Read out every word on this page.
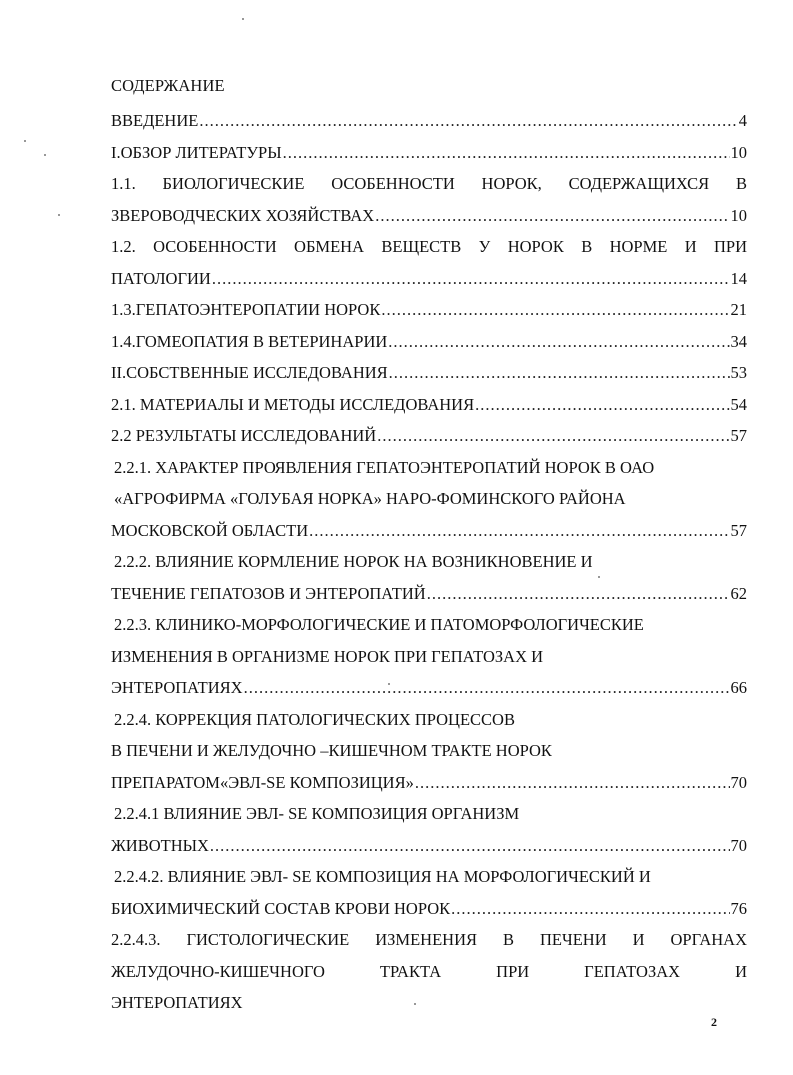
СОДЕРЖАНИЕ
ВВЕДЕНИЕ .....	4
I.ОБЗОР ЛИТЕРАТУРЫ .....	10
1.1. БИОЛОГИЧЕСКИЕ ОСОБЕННОСТИ НОРОК, СОДЕРЖАЩИХСЯ В
ЗВЕРОВОДЧЕСКИХ ХОЗЯЙСТВАХ .....	10
1.2. ОСОБЕННОСТИ ОБМЕНА ВЕЩЕСТВ У НОРОК В НОРМЕ И ПРИ
ПАТОЛОГИИ .....	14
1.3.ГЕПАТОЭНТЕРОПАТИИ НОРОК .....	21
1.4.ГОМЕОПАТИЯ В ВЕТЕРИНАРИИ .....	34
II.СОБСТВЕННЫЕ ИССЛЕДОВАНИЯ .....	53
2.1. МАТЕРИАЛЫ И МЕТОДЫ ИССЛЕДОВАНИЯ .....	54
2.2 РЕЗУЛЬТАТЫ ИССЛЕДОВАНИЙ .....	57
2.2.1. ХАРАКТЕР ПРОЯВЛЕНИЯ ГЕПАТОЭНТЕРОПАТИЙ НОРОК В ОАО
«АГРОФИРМА «ГОЛУБАЯ НОРКА» НАРО-ФОМИНСКОГО РАЙОНА
МОСКОВСКОЙ ОБЛАСТИ .....	57
2.2.2. ВЛИЯНИЕ КОРМЛЕНИЕ НОРОК НА ВОЗНИКНОВЕНИЕ И
ТЕЧЕНИЕ ГЕПАТОЗОВ И ЭНТЕРОПАТИЙ .....	62
2.2.3. КЛИНИКО-МОРФОЛОГИЧЕСКИЕ И ПАТОМОРФОЛОГИЧЕСКИЕ
ИЗМЕНЕНИЯ В ОРГАНИЗМЕ НОРОК ПРИ ГЕПАТОЗАХ И
ЭНТЕРОПАТИЯХ .....	66
2.2.4. КОРРЕКЦИЯ ПАТОЛОГИЧЕСКИХ ПРОЦЕССОВ
В ПЕЧЕНИ И ЖЕЛУДОЧНО –КИШЕЧНОМ ТРАКТЕ НОРОК
ПРЕПАРАТОМ«ЭВЛ-SE КОМПОЗИЦИЯ» .....	70
2.2.4.1 ВЛИЯНИЕ ЭВЛ- SE КОМПОЗИЦИЯ ОРГАНИЗМ
ЖИВОТНЫХ .....	70
2.2.4.2. ВЛИЯНИЕ ЭВЛ- SE КОМПОЗИЦИЯ НА МОРФОЛОГИЧЕСКИЙ И
БИОХИМИЧЕСКИЙ СОСТАВ КРОВИ НОРОК .....	76
2.2.4.3. ГИСТОЛОГИЧЕСКИЕ ИЗМЕНЕНИЯ В ПЕЧЕНИ И ОРГАНАХ
ЖЕЛУДОЧНО-КИШЕЧНОГО ТРАКТА ПРИ ГЕПАТОЗАХ И
ЭНТЕРОПАТИЯХ
2
